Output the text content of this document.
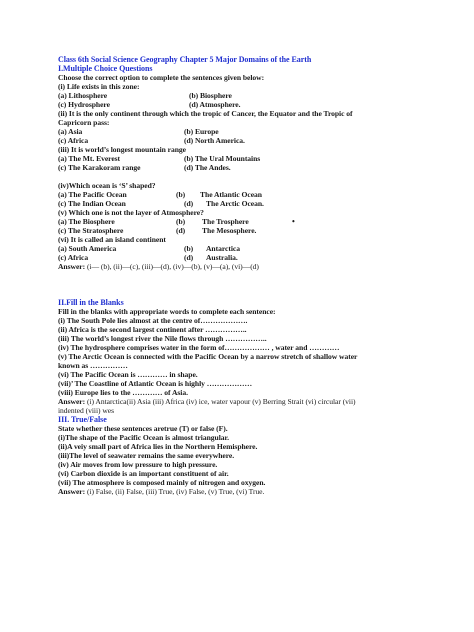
Class 6th Social Science Geography Chapter 5 Major Domains of the Earth
I.Multiple Choice Questions
Choose the correct option to complete the sentences given below:
(i) Life exists in this zone:
(a) Lithosphere	(b) Biosphere
(c) Hydrosphere	(d) Atmosphere.
(ii) It is the only continent through which the tropic of Cancer, the Equator and the Tropic of
Capricorn pass:
(a) Asia	(b) Europe
(c) Africa	(d) North America.
(iii) It is world’s longest mountain range
(a) The Mt. Everest	(b) The Ural Mountains
(c) The Karakoram range	(d) The Andes.
(iv)Which ocean is ‘S’ shaped?
(a) The Pacific Ocean	(b) The Atlantic Ocean
(c) The Indian Ocean	(d) The Arctic Ocean.
(v) Which one is not the layer of Atmosphere?
(a) The Biosphere	(b) The Trosphere	•
(c) The Stratosphere	(d) The Mesosphere.
(vi) It is called an island continent
(a) South America	(b) Antarctica
(c) Africa	(d) Australia.
Answer: (i— (b), (ii)—(c), (iii)—(d), (iv)—(b), (v)—(a), (vi)—(d)
II.Fill in the Blanks
Fill in the blanks with appropriate words to complete each sentence:
(i) The South Pole lies almost at the centre of……………….
(ii) Africa is the second largest continent after ……………..
(iii) The world’s longest river the Nile flows through ……………..
(iv) The hydrosphere comprises water in the form of……………… , water and …………
(v) The Arctic Ocean is connected with the Pacific Ocean by a narrow stretch of shallow water
known as ……………
(vi) The Pacific Ocean is ………… in shape.
(vii)’ The Coastline of Atlantic Ocean is highly ………………
(viii) Europe lies to the ………… of Asia.
Answer: (i) Antarctica(ii) Asia (iii) Africa (iv) ice, water vapour (v) Berring Strait (vi) circular (vii)
indented (viii) wes
III. True/False
State whether these sentences aretrue (T) or false (F).
(i)The shape of the Pacific Ocean is almost triangular.
(ii)A veiy small part of Africa lies in the Northern Hemisphere.
(iii)The level of seawater remains the same everywhere.
(iv) Air moves from low pressure to high pressure.
(vi) Carbon dioxide is an important constituent of air.
(vii) The atmosphere is composed mainly of nitrogen and oxygen.
Answer: (i) False, (ii) False, (iii) True, (iv) False, (v) True, (vi) True.
